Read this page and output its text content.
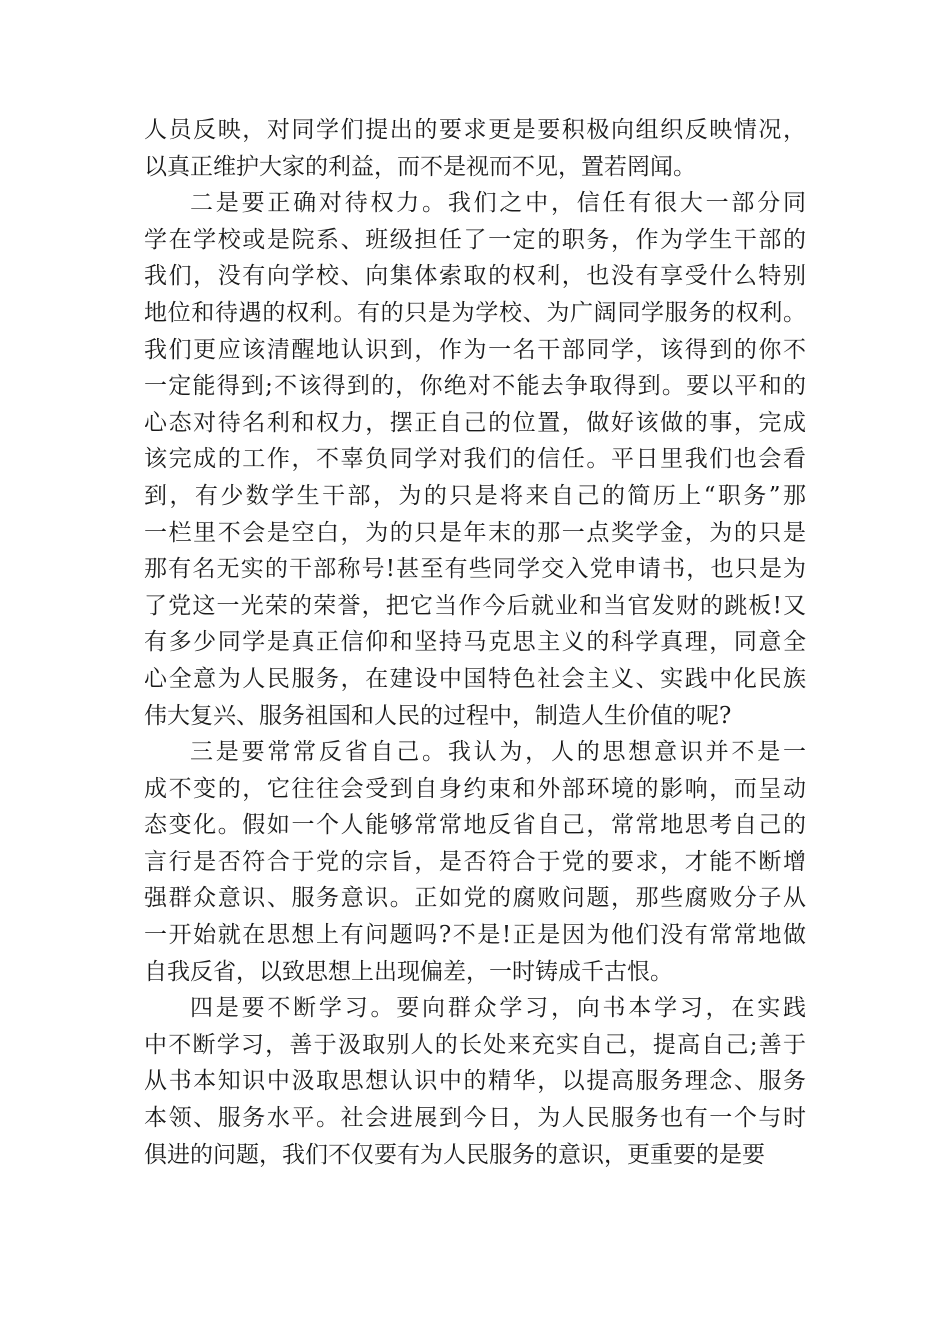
人员反映，对同学们提出的要求更是要积极向组织反映情况，
以真正维护大家的利益，而不是视而不见，置若罔闻。
二是要正确对待权力。我们之中，信任有很大一部分同
学在学校或是院系、班级担任了一定的职务，作为学生干部的
我们，没有向学校、向集体索取的权利，也没有享受什么特别
地位和待遇的权利。有的只是为学校、为广阔同学服务的权利。
我们更应该清醒地认识到，作为一名干部同学，该得到的你不
一定能得到;不该得到的，你绝对不能去争取得到。要以平和的
心态对待名利和权力，摆正自己的位置，做好该做的事，完成
该完成的工作，不辜负同学对我们的信任。平日里我们也会看
到，有少数学生干部，为的只是将来自己的简历上“职务”那
一栏里不会是空白，为的只是年末的那一点奖学金，为的只是
那有名无实的干部称号!甚至有些同学交入党申请书，也只是为
了党这一光荣的荣誉，把它当作今后就业和当官发财的跳板!又
有多少同学是真正信仰和坚持马克思主义的科学真理，同意全
心全意为人民服务，在建设中国特色社会主义、实践中化民族
伟大复兴、服务祖国和人民的过程中，制造人生价值的呢?
三是要常常反省自己。我认为，人的思想意识并不是一
成不变的，它往往会受到自身约束和外部环境的影响，而呈动
态变化。假如一个人能够常常地反省自己，常常地思考自己的
言行是否符合于党的宗旨，是否符合于党的要求，才能不断增
强群众意识、服务意识。正如党的腐败问题，那些腐败分子从
一开始就在思想上有问题吗?不是!正是因为他们没有常常地做
自我反省，以致思想上出现偏差，一时铸成千古恨。
四是要不断学习。要向群众学习，向书本学习，在实践
中不断学习，善于汲取别人的长处来充实自己，提高自己;善于
从书本知识中汲取思想认识中的精华，以提高服务理念、服务
本领、服务水平。社会进展到今日，为人民服务也有一个与时
俱进的问题，我们不仅要有为人民服务的意识，更重要的是要
